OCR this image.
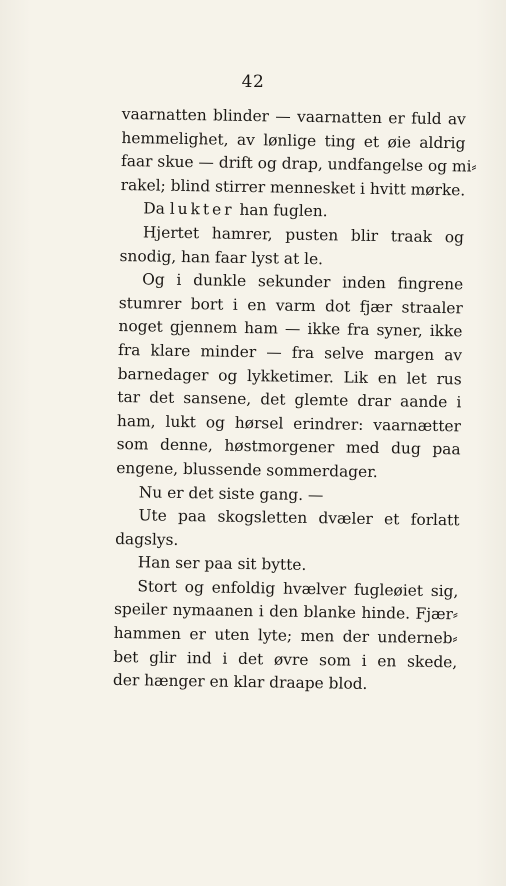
42
vaarnatten blinder — vaarnatten er fuld av
hemmelighet, av lønlige ting et øie aldrig
faar skue — drift og drap, undfangelse og mi⸗
rakel; blind stirrer mennesket i hvitt mørke.
Da lukter han fuglen.
Hjertet hamrer, pusten blir traak og
snodig, han faar lyst at le.
Og i dunkle sekunder inden fingrene
stumrer bort i en varm dot fjær straaler
noget gjennem ham — ikke fra syner, ikke
fra klare minder — fra selve margen av
barnedager og lykketimer. Lik en let rus
tar det sansene, det glemte drar aande i
ham, lukt og hørsel erindrer: vaarnætter
som denne, høstmorgener med dug paa
engene, blussende sommerdager.
Nu er det siste gang. —
Ute paa skogsletten dvæler et forlatt
dagslys.
Han ser paa sit bytte.
Stort og enfoldig hvælver fugleøiet sig,
speiler nymaanen i den blanke hinde. Fjær⸗
hammen er uten lyte; men der underneb⸗
bet glir ind i det øvre som i en skede,
der hænger en klar draape blod.
